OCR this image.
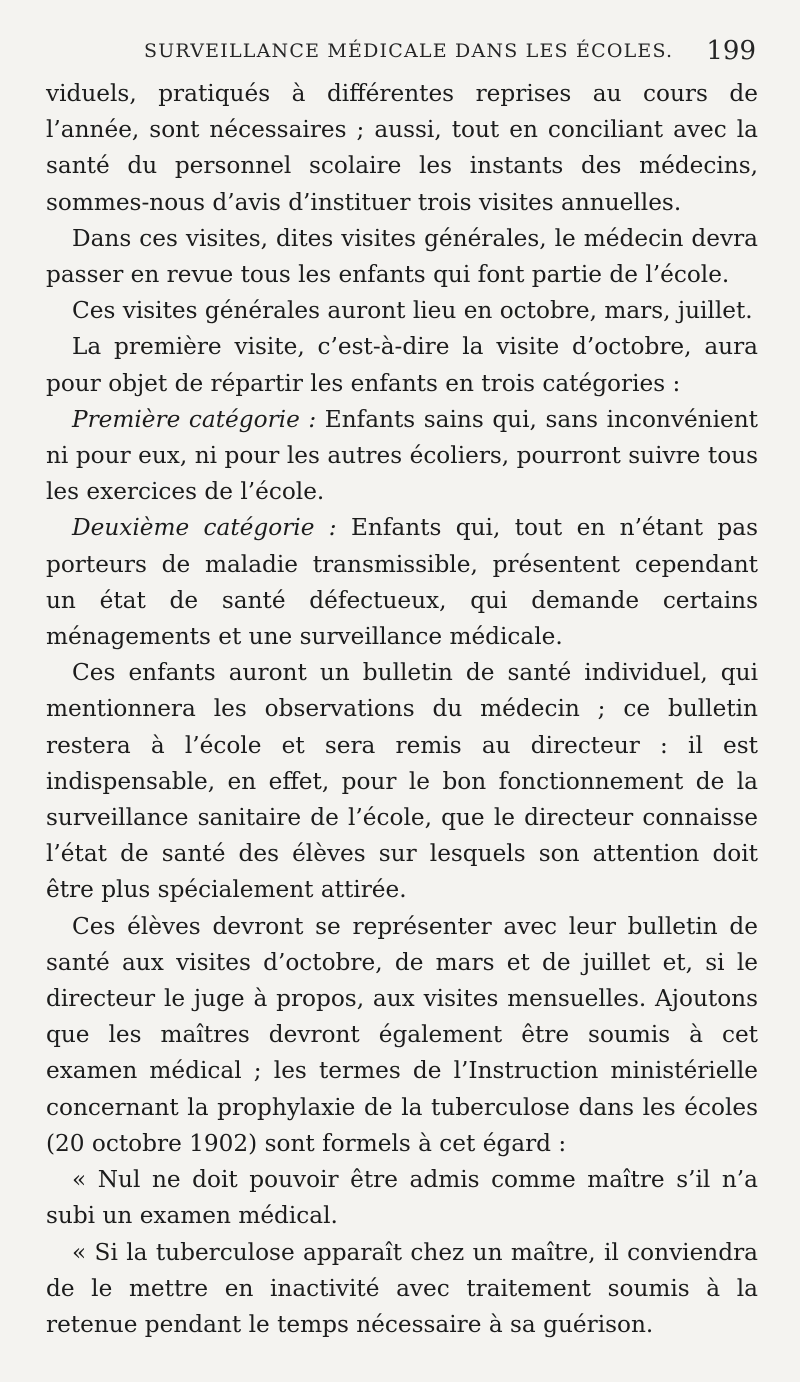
SURVEILLANCE MÉDICALE DANS LES ÉCOLES. 199

viduels, pratiqués à différentes reprises au cours de l’année, sont nécessaires ; aussi, tout en conciliant avec la santé du personnel scolaire les instants des médecins, sommes-nous d’avis d’instituer trois visites annuelles.

Dans ces visites, dites visites générales, le médecin devra passer en revue tous les enfants qui font partie de l’école.

Ces visites générales auront lieu en octobre, mars, juillet.

La première visite, c’est-à-dire la visite d’octobre, aura pour objet de répartir les enfants en trois catégories :

Première catégorie : Enfants sains qui, sans inconvénient ni pour eux, ni pour les autres écoliers, pourront suivre tous les exercices de l’école.

Deuxième catégorie : Enfants qui, tout en n’étant pas porteurs de maladie transmissible, présentent cependant un état de santé défectueux, qui demande certains ménagements et une surveillance médicale.

Ces enfants auront un bulletin de santé individuel, qui mentionnera les observations du médecin ; ce bulletin restera à l’école et sera remis au directeur : il est indispensable, en effet, pour le bon fonctionnement de la surveillance sanitaire de l’école, que le directeur connaisse l’état de santé des élèves sur lesquels son attention doit être plus spécialement attirée.

Ces élèves devront se représenter avec leur bulletin de santé aux visites d’octobre, de mars et de juillet et, si le directeur le juge à propos, aux visites mensuelles. Ajoutons que les maîtres devront également être soumis à cet examen médical ; les termes de l’Instruction ministérielle concernant la prophylaxie de la tuberculose dans les écoles (20 octobre 1902) sont formels à cet égard :

« Nul ne doit pouvoir être admis comme maître s’il n’a subi un examen médical.

« Si la tuberculose apparaît chez un maître, il conviendra de le mettre en inactivité avec traitement soumis à la retenue pendant le temps nécessaire à sa guérison.
